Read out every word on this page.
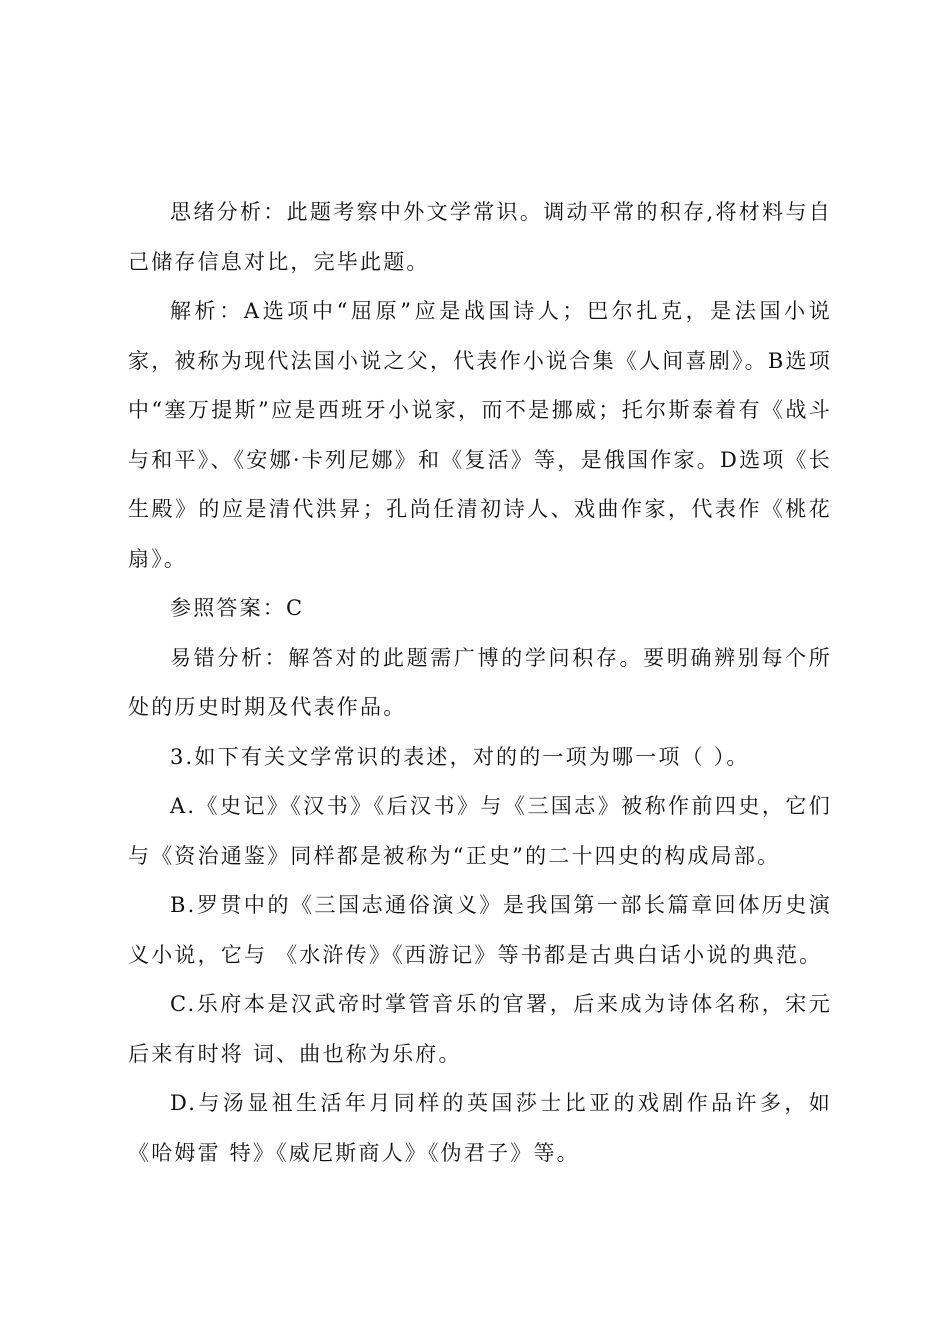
思绪分析：此题考察中外文学常识。调动平常的积存,将材料与自己储存信息对比，完毕此题。

解析：A选项中“屈原”应是战国诗人；巴尔扎克，是法国小说家，被称为现代法国小说之父，代表作小说合集《人间喜剧》。B选项中“塞万提斯”应是西班牙小说家，而不是挪威；托尔斯泰着有《战斗与和平》、《安娜·卡列尼娜》和《复活》等，是俄国作家。D选项《长生殿》的应是清代洪昇；孔尚任清初诗人、戏曲作家，代表作《桃花扇》。

参照答案：C

易错分析：解答对的此题需广博的学问积存。要明确辨别每个所处的历史时期及代表作品。

3.如下有关文学常识的表述，对的的一项为哪一项（ ）。

A.《史记》《汉书》《后汉书》与《三国志》被称作前四史，它们与《资治通鉴》同样都是被称为“正史”的二十四史的构成局部。

B.罗贯中的《三国志通俗演义》是我国第一部长篇章回体历史演义小说，它与 《水浒传》《西游记》等书都是古典白话小说的典范。

C.乐府本是汉武帝时掌管音乐的官署，后来成为诗体名称，宋元后来有时将 词、曲也称为乐府。

D.与汤显祖生活年月同样的英国莎士比亚的戏剧作品许多，如《哈姆雷 特》《威尼斯商人》《伪君子》等。
